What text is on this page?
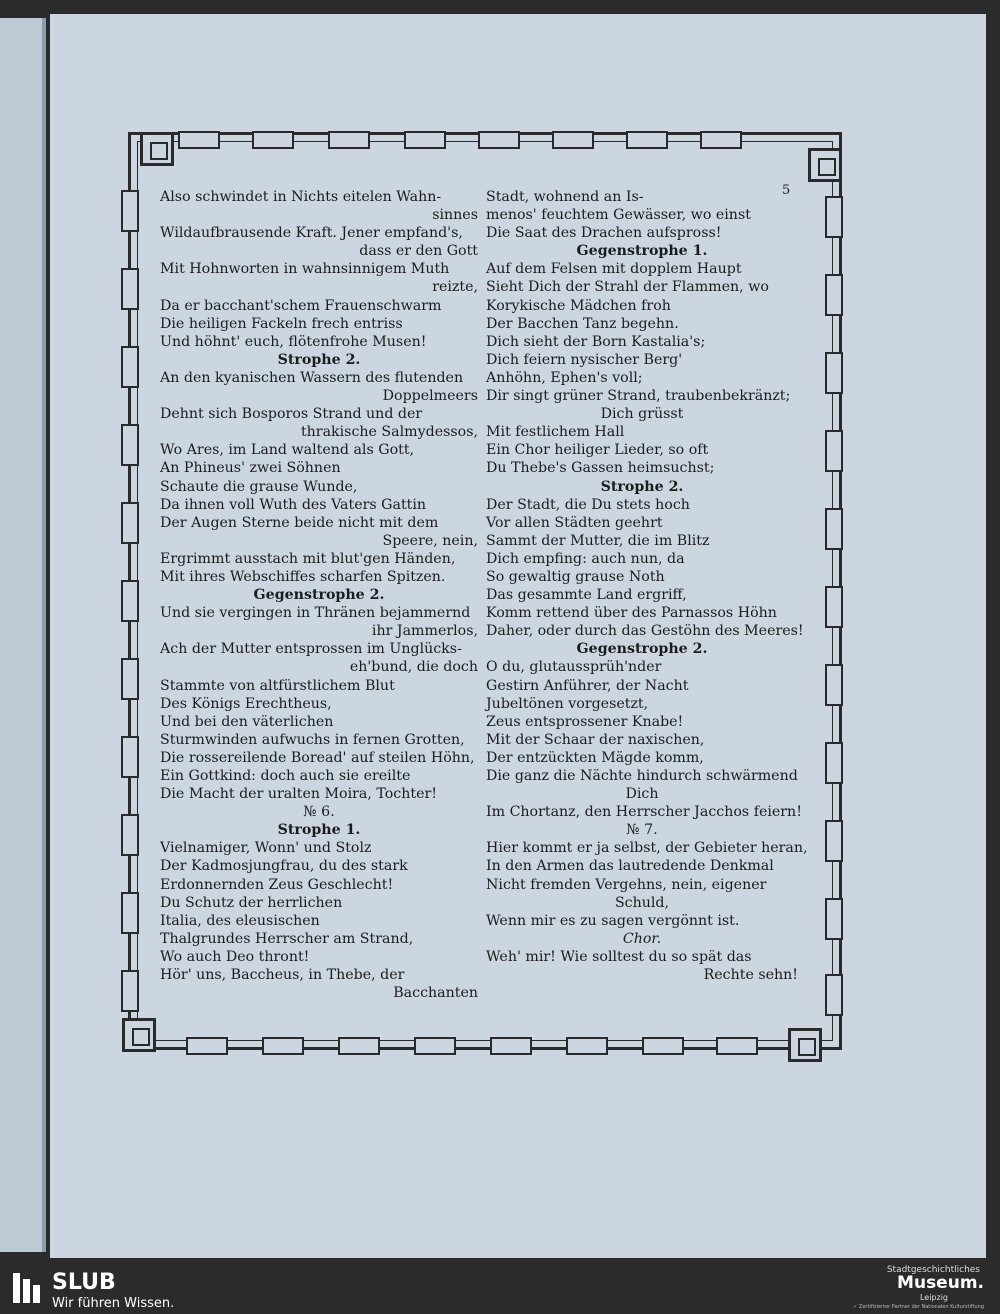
5
Also schwindet in Nichts eitelen Wahn-
sinnes
Wildaufbrausende Kraft. Jener empfand's,
dass er den Gott
Mit Hohnworten in wahnsinnigem Muth
reizte,
Da er bacchant'schem Frauenschwarm
Die heiligen Fackeln frech entriss
Und höhnt' euch, flötenfrohe Musen!
Strophe 2.
An den kyanischen Wassern des flutenden
Doppelmeers
Dehnt sich Bosporos Strand und der
thrakische Salmydessos,
Wo Ares, im Land waltend als Gott,
An Phineus' zwei Söhnen
Schaute die grause Wunde,
Da ihnen voll Wuth des Vaters Gattin
Der Augen Sterne beide nicht mit dem
Speere, nein,
Ergrimmt ausstach mit blut'gen Händen,
Mit ihres Webschiffes scharfen Spitzen.
Gegenstrophe 2.
Und sie vergingen in Thränen bejammernd
ihr Jammerlos,
Ach der Mutter entsprossen im Unglücks-
eh'bund, die doch
Stammte von altfürstlichem Blut
Des Königs Erechtheus,
Und bei den väterlichen
Sturmwinden aufwuchs in fernen Grotten,
Die rossereilende Boread' auf steilen Höhn,
Ein Gottkind: doch auch sie ereilte
Die Macht der uralten Moira, Tochter!
№ 6.
Strophe 1.
Vielnamiger, Wonn' und Stolz
Der Kadmosjungfrau, du des stark
Erdonnernden Zeus Geschlecht!
Du Schutz der herrlichen
Italia, des eleusischen
Thalgrundes Herrscher am Strand,
Wo auch Deo thront!
Hör' uns, Baccheus, in Thebe, der
Bacchanten
Stadt, wohnend an Is-
menos' feuchtem Gewässer, wo einst
Die Saat des Drachen aufspross!
Gegenstrophe 1.
Auf dem Felsen mit dopplem Haupt
Sieht Dich der Strahl der Flammen, wo
Korykische Mädchen froh
Der Bacchen Tanz begehn.
Dich sieht der Born Kastalia's;
Dich feiern nysischer Berg'
Anhöhn, Ephen's voll;
Dir singt grüner Strand, traubenbekränzt;
Dich grüsst
Mit festlichem Hall
Ein Chor heiliger Lieder, so oft
Du Thebe's Gassen heimsuchst;
Strophe 2.
Der Stadt, die Du stets hoch
Vor allen Städten geehrt
Sammt der Mutter, die im Blitz
Dich empfing: auch nun, da
So gewaltig grause Noth
Das gesammte Land ergriff,
Komm rettend über des Parnassos Höhn
Daher, oder durch das Gestöhn des Meeres!
Gegenstrophe 2.
O du, glutaussprüh'nder
Gestirn Anführer, der Nacht
Jubeltönen vorgesetzt,
Zeus entsprossener Knabe!
Mit der Schaar der naxischen,
Der entzückten Mägde komm,
Die ganz die Nächte hindurch schwärmend
Dich
Im Chortanz, den Herrscher Jacchos feiern!
№ 7.
Hier kommt er ja selbst, der Gebieter heran,
In den Armen das lautredende Denkmal
Nicht fremden Vergehns, nein, eigener
Schuld,
Wenn mir es zu sagen vergönnt ist.
Chor.
Weh' mir! Wie solltest du so spät das
Rechte sehn!
SLUB
Wir führen Wissen.
Stadtgeschichtliches
Museum.
Leipzig
✓ Zertifizierter Partner der Nationalen Kulturstiftung
